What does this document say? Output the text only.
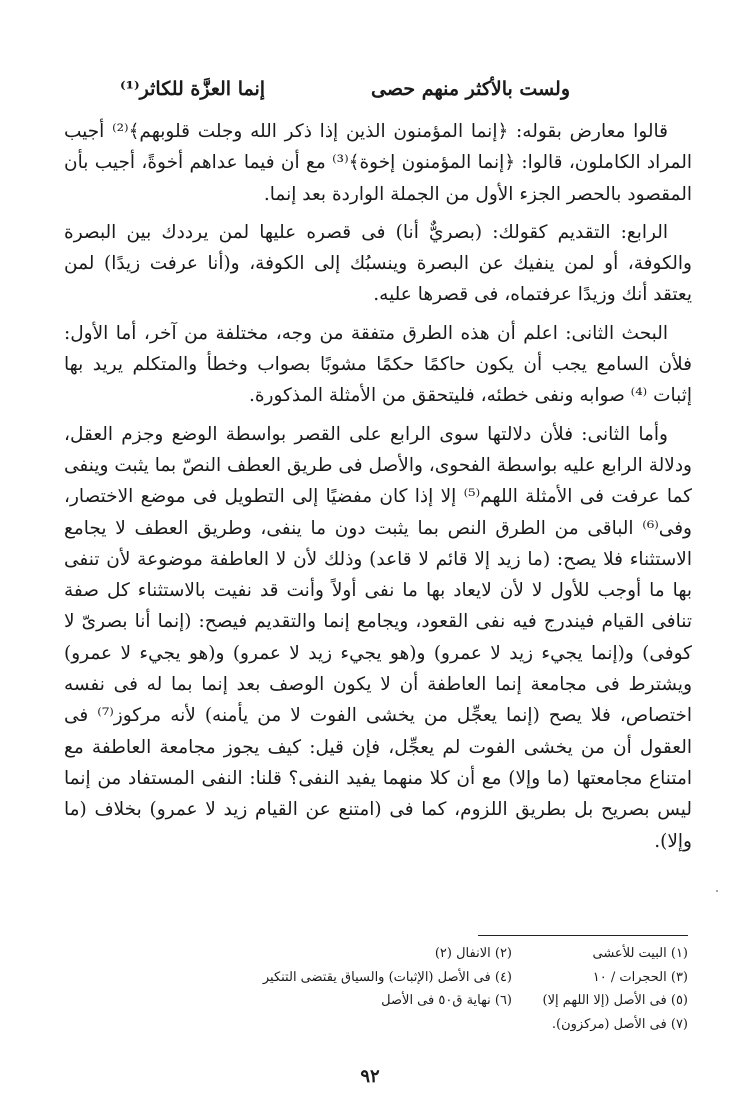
ولست بالأكثر منهم حصى
إنما العزَّة للكاثر⁽¹⁾

قالوا معارض بقوله: ﴿إنما المؤمنون الذين إذا ذكر الله وجلت قلوبهم﴾⁽²⁾ أجيب المراد الكاملون، قالوا: ﴿إنما المؤمنون إخوة﴾⁽³⁾ مع أن فيما عداهم أخوةً، أجيب بأن المقصود بالحصر الجزء الأول من الجملة الواردة بعد إنما.

الرابع: التقديم كقولك: (بصريٌّ أنا) فى قصره عليها لمن يرددك بين البصرة والكوفة، أو لمن ينفيك عن البصرة وينسبُك إلى الكوفة، و(أنا عرفت زيدًا) لمن يعتقد أنك وزيدًا عرفتماه، فى قصرها عليه.

البحث الثانى: اعلم أن هذه الطرق متفقة من وجه، مختلفة من آخر، أما الأول: فلأن السامع يجب أن يكون حاكمًا حكمًا مشوبًا بصواب وخطأ والمتكلم يريد بها إثبات ⁽⁴⁾ صوابه ونفى خطئه، فليتحقق من الأمثلة المذكورة.

وأما الثانى: فلأن دلالتها سوى الرابع على القصر بواسطة الوضع وجزم العقل، ودلالة الرابع عليه بواسطة الفحوى، والأصل فى طريق العطف النصّ بما يثبت وينفى كما عرفت فى الأمثلة اللهم⁽⁵⁾ إلا إذا كان مفضيًا إلى التطويل فى موضع الاختصار، وفى⁽⁶⁾ الباقى من الطرق النص بما يثبت دون ما ينفى، وطريق العطف لا يجامع الاستثناء فلا يصح: (ما زيد إلا قائم لا قاعد) وذلك لأن لا العاطفة موضوعة لأن تنفى بها ما أوجب للأول لا لأن لايعاد بها ما نفى أولاً وأنت قد نفيت بالاستثناء كل صفة تنافى القيام فيندرج فيه نفى القعود، ويجامع إنما والتقديم فيصح: (إنما أنا بصرىّ لا كوفى) و(إنما يجيء زيد لا عمرو) و(هو يجيء زيد لا عمرو) و(هو يجيء لا عمرو) ويشترط فى مجامعة إنما العاطفة أن لا يكون الوصف بعد إنما بما له فى نفسه اختصاص، فلا يصح (إنما يعجِّل من يخشى الفوت لا من يأمنه) لأنه مركوز⁽⁷⁾ فى العقول أن من يخشى الفوت لم يعجِّل، فإن قيل: كيف يجوز مجامعة العاطفة مع امتناع مجامعتها (ما وإلا) مع أن كلا منهما يفيد النفى؟ قلنا: النفى المستفاد من إنما ليس بصريح بل بطريق اللزوم، كما فى (امتنع عن القيام زيد لا عمرو) بخلاف (ما وإلا).

(١) البيت للأعشى
(٢) الانفال (٢)
(٣) الحجرات / ١٠
(٤) فى الأصل (الإثبات) والسياق يقتضى التنكير
(٥) فى الأصل (إلا اللهم إلا)
(٦) نهاية ق٥٠ فى الأصل
(٧) فى الأصل (مركزون).
٩٢
